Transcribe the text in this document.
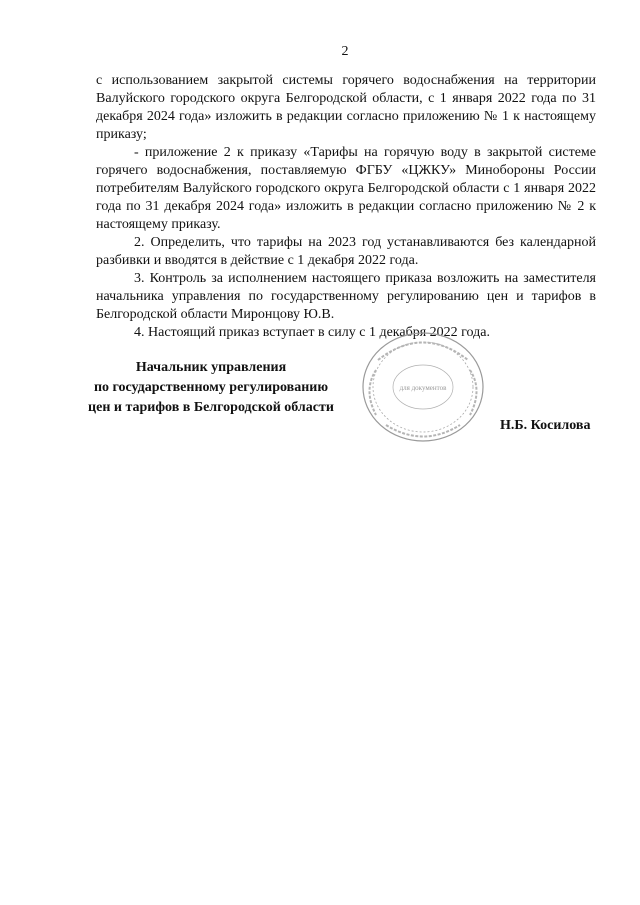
2

с использованием закрытой системы горячего водоснабжения на территории Валуйского городского округа Белгородской области, с 1 января 2022 года по 31 декабря 2024 года» изложить в редакции согласно приложению № 1 к настоящему приказу;

- приложение 2 к приказу «Тарифы на горячую воду в закрытой системе горячего водоснабжения, поставляемую ФГБУ «ЦЖКУ» Минобороны России потребителям Валуйского городского округа Белгородской области с 1 января 2022 года по 31 декабря 2024 года» изложить в редакции согласно приложению № 2 к настоящему приказу.

2. Определить, что тарифы на 2023 год устанавливаются без календарной разбивки и вводятся в действие с 1 декабря 2022 года.

3. Контроль за исполнением настоящего приказа возложить на заместителя начальника управления по государственному регулированию цен и тарифов в Белгородской области Миронцову Ю.В.

4. Настоящий приказ вступает в силу с 1 декабря 2022 года.

Начальник управления
по государственному регулированию
цен и тарифов в Белгородской области
для документов
Н.Б. Косилова
